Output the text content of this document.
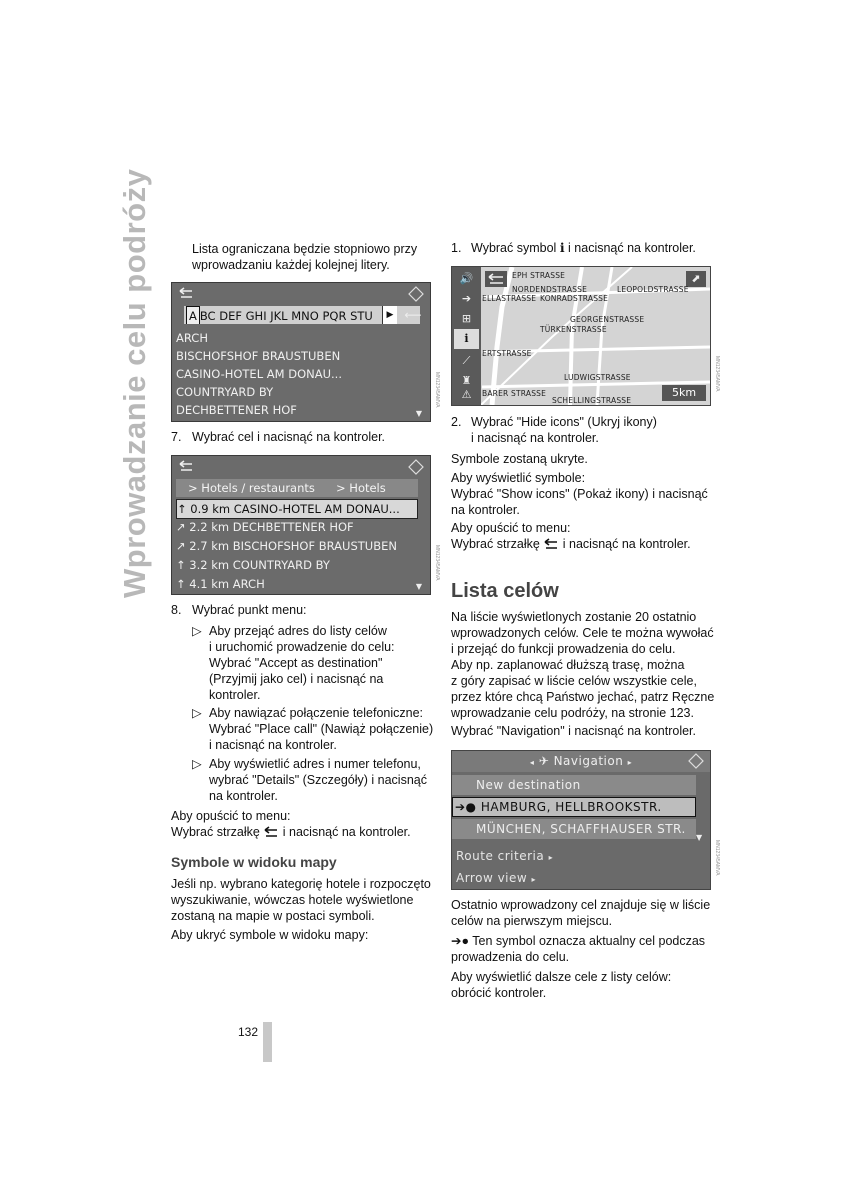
Wprowadzanie celu podróży	Lista ograniczana będzie stopniowo przy
wprowadzaniu każdej kolejnej litery.
A BC DEF GHI JKL MNO PQR STU	▶ ⟵
ARCH
BISCHOFSHOF BRAUSTUBEN
CASINO-HOTEL AM DONAU...
COUNTRYARD BY
DECHBETTENER HOF	▼
MN12345AMVA
7. Wybrać cel i nacisnąć na kontroler.
> Hotels / restaurants > Hotels
↑ 0.9 km CASINO-HOTEL AM DONAU...
↗ 2.2 km DECHBETTENER HOF
↗ 2.7 km BISCHOFSHOF BRAUSTUBEN
↑ 3.2 km COUNTRYARD BY
↑ 4.1 km ARCH	▼
MN12345AMVA
8. Wybrać punkt menu:
▷ Aby przejąć adres do listy celów
i uruchomić prowadzenie do celu:
Wybrać "Accept as destination"
(Przyjmij jako cel) i nacisnąć na
kontroler.
▷ Aby nawiązać połączenie telefoniczne:
Wybrać "Place call" (Nawiąż połączenie)
i nacisnąć na kontroler.
▷ Aby wyświetlić adres i numer telefonu,
wybrać "Details" (Szczegóły) i nacisnąć
na kontroler.
Aby opuścić to menu:
Wybrać strzałkę i nacisnąć na kontroler.
Symbole w widoku mapy
Jeśli np. wybrano kategorię hotele i rozpoczęto
wyszukiwanie, wówczas hotele wyświetlone
zostaną na mapie w postaci symboli.
Aby ukryć symbole w widoku mapy:
132
1. Wybrać symbol i i nacisnąć na kontroler.
🔊
➔
⊞
i
⟋
♜
⚠
⬈
EPH STRASSE
NORDENDSTRASSE	LEOPOLDSTRASSE
ELLASTRASSE KONRADSTRASSE
GEORGENSTRASSE
TÜRKENSTRASSE
ERTSTRASSE
LUDWIGSTRASSE
BARER STRASSE
SCHELLINGSTRASSE
5km
MN12345AMVA
2. Wybrać "Hide icons" (Ukryj ikony)
i nacisnąć na kontroler.
Symbole zostaną ukryte.
Aby wyświetlić symbole:
Wybrać "Show icons" (Pokaż ikony) i nacisnąć
na kontroler.
Aby opuścić to menu:
Wybrać strzałkę i nacisnąć na kontroler.
Lista celów
Na liście wyświetlonych zostanie 20 ostatnio
wprowadzonych celów. Cele te można wywołać
i przejąć do funkcji prowadzenia do celu.
Aby np. zaplanować dłuższą trasę, można
z góry zapisać w liście celów wszystkie cele,
przez które chcą Państwo jechać, patrz Ręczne
wprowadzanie celu podróży, na stronie 123.
Wybrać "Navigation" i nacisnąć na kontroler.
◂ ✈ Navigation ▸
New destination
➔● HAMBURG, HELLBROOKSTR.
MÜNCHEN, SCHAFFHAUSER STR.
▼
Route criteria ▸
Arrow view ▸
MN12345AMVA
Ostatnio wprowadzony cel znajduje się w liście
celów na pierwszym miejscu.
➔● Ten symbol oznacza aktualny cel podczas
prowadzenia do celu.
Aby wyświetlić dalsze cele z listy celów:
obrócić kontroler.
